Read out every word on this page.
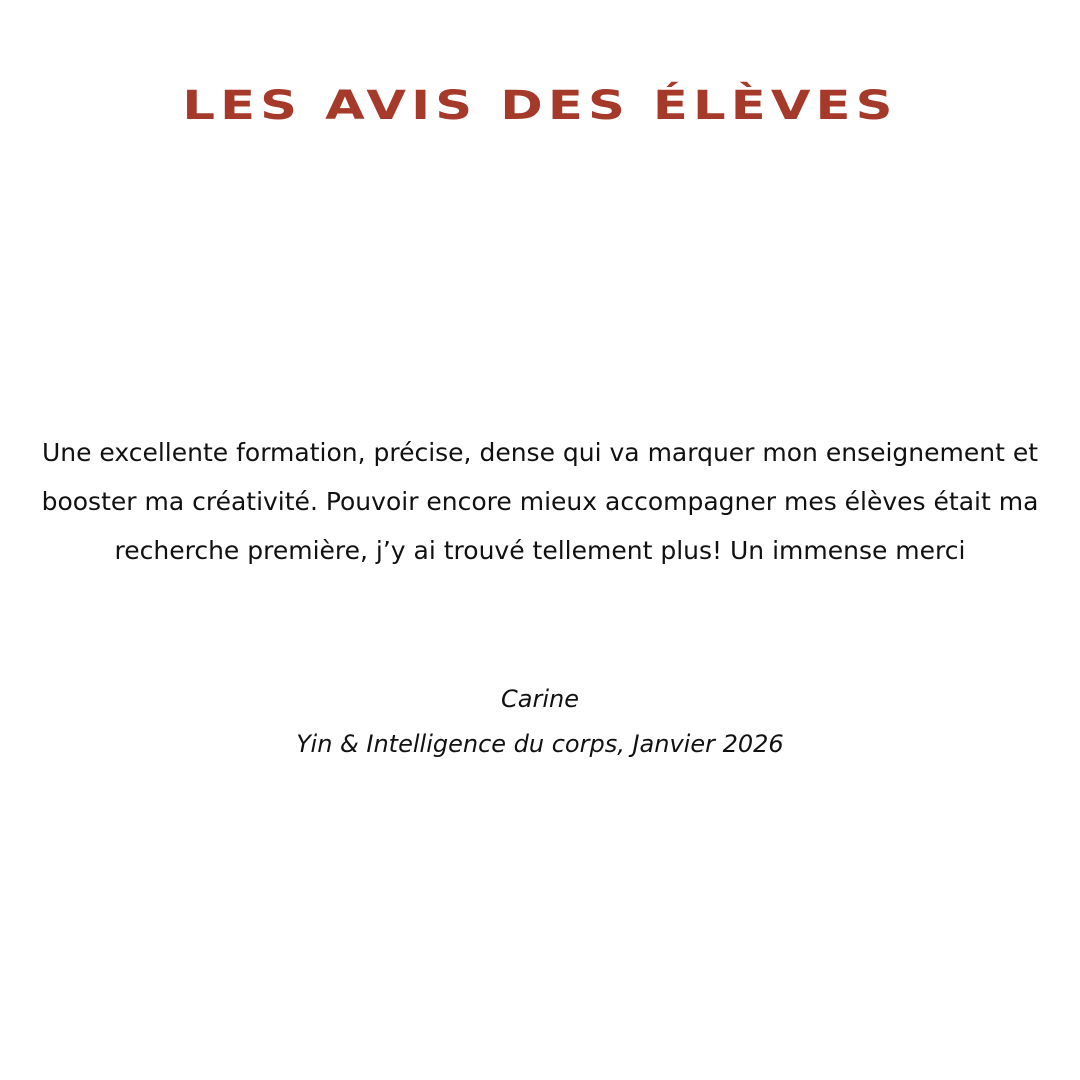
LES AVIS DES ÉLÈVES

Une excellente formation, précise, dense qui va marquer mon enseignement et booster ma créativité. Pouvoir encore mieux accompagner mes élèves était ma recherche première, j’y ai trouvé tellement plus! Un immense merci

Carine
Yin & Intelligence du corps, Janvier 2026
